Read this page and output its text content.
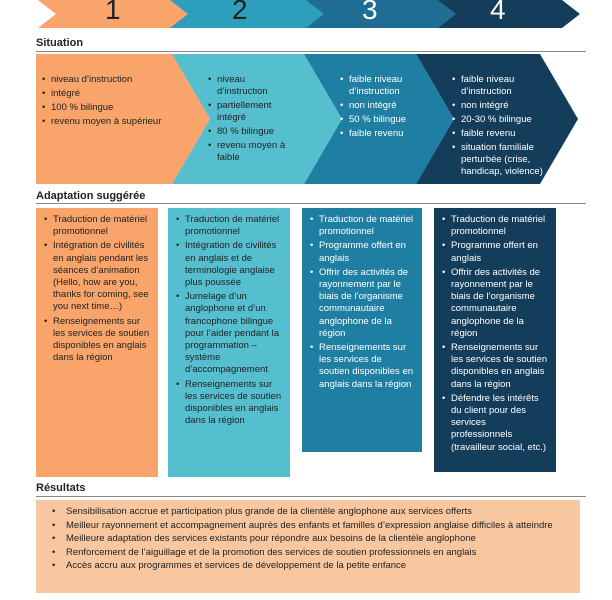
1	2	3	4
Situation
• niveau d’instruction
• intégré
• 100 % bilingue
• revenu moyen à supérieur
• niveau d’instruction
• partiellement intégré
• 80 % bilingue
• revenu moyen à faible
• faible niveau d’instruction
• non intégré
• 50 % bilingue
• faible revenu
• faible niveau d’instruction
• non intégré
• 20-30 % bilingue
• faible revenu
• situation familiale perturbée (crise, handicap, violence)
Adaptation suggérée
• Traduction de matériel promotionnel
• Intégration de civilités en anglais pendant les séances d’animation (Hello, how are you, thanks for coming, see you next time…)
• Renseignements sur les services de soutien disponibles en anglais dans la région
• Traduction de matériel promotionnel
• Intégration de civilités en anglais et de terminologie anglaise plus poussée
• Jumelage d’un anglophone et d’un francophone bilingue pour l’aider pendant la programmation – système d’accompagnement
• Renseignements sur les services de soutien disponibles en anglais dans la région
• Traduction de matériel promotionnel
• Programme offert en anglais
• Offrir des activités de rayonnement par le biais de l’organisme communautaire anglophone de la région
• Renseignements sur les services de soutien disponibles en anglais dans la région
• Traduction de matériel promotionnel
• Programme offert en anglais
• Offrir des activités de rayonnement par le biais de l’organisme communautaire anglophone de la région
• Renseignements sur les services de soutien disponibles en anglais dans la région
• Défendre les intérêts du client pour des services professionnels (travailleur social, etc.)
Résultats
• Sensibilisation accrue et participation plus grande de la clientèle anglophone aux services offerts
• Meilleur rayonnement et accompagnement auprès des enfants et familles d’expression anglaise difficiles à atteindre
• Meilleure adaptation des services existants pour répondre aux besoins de la clientèle anglophone
• Renforcement de l’aiguillage et de la promotion des services de soutien professionnels en anglais
• Accès accru aux programmes et services de développement de la petite enfance
